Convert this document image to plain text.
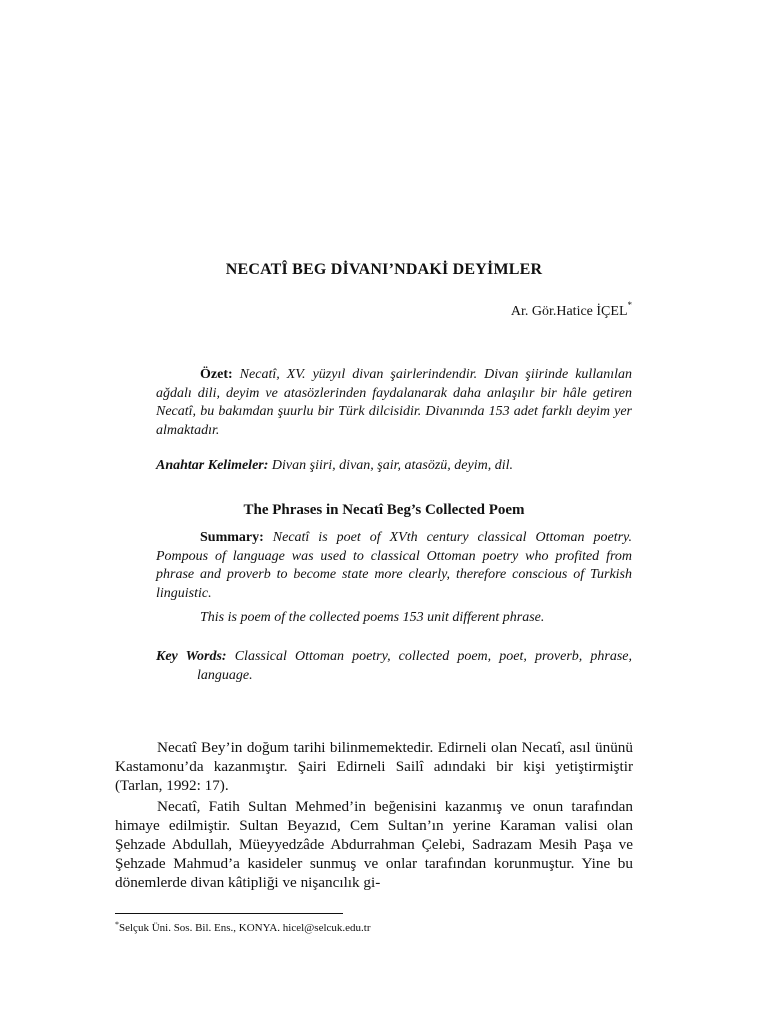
NECATÎ BEG DİVANI’NDAKİ DEYİMLER
Ar. Gör.Hatice İÇEL*

Özet: Necatî, XV. yüzyıl divan şairlerindendir. Divan şiirinde kullanılan ağdalı dili, deyim ve atasözlerinden faydalanarak daha anlaşılır bir hâle getiren Necatî, bu bakımdan şuurlu bir Türk dilcisidir. Divanında 153 adet farklı deyim yer almaktadır.

Anahtar Kelimeler: Divan şiiri, divan, şair, atasözü, deyim, dil.

The Phrases in Necatî Beg’s Collected Poem

Summary: Necatî is poet of XVth century classical Ottoman poetry. Pompous of language was used to classical Ottoman poetry who profited from phrase and proverb to become state more clearly, therefore conscious of Turkish linguistic.

This is poem of the collected poems 153 unit different phrase.

Key Words: Classical Ottoman poetry, collected poem, poet, proverb, phrase, language.

Necatî Bey’in doğum tarihi bilinmemektedir. Edirneli olan Necatî, asıl ününü Kastamonu’da kazanmıştır. Şairi Edirneli Sailî adındaki bir kişi yetiştirmiştir (Tarlan, 1992: 17).

Necatî, Fatih Sultan Mehmed’in beğenisini kazanmış ve onun tarafından himaye edilmiştir. Sultan Beyazıd, Cem Sultan’ın yerine Karaman valisi olan Şehzade Abdullah, Müeyyedzâde Abdurrahman Çelebi, Sadrazam Mesih Paşa ve Şehzade Mahmud’a kasideler sunmuş ve onlar tarafından korunmuştur. Yine bu dönemlerde divan kâtipliği ve nişancılık gi-

*Selçuk Üni. Sos. Bil. Ens., KONYA. hicel@selcuk.edu.tr
